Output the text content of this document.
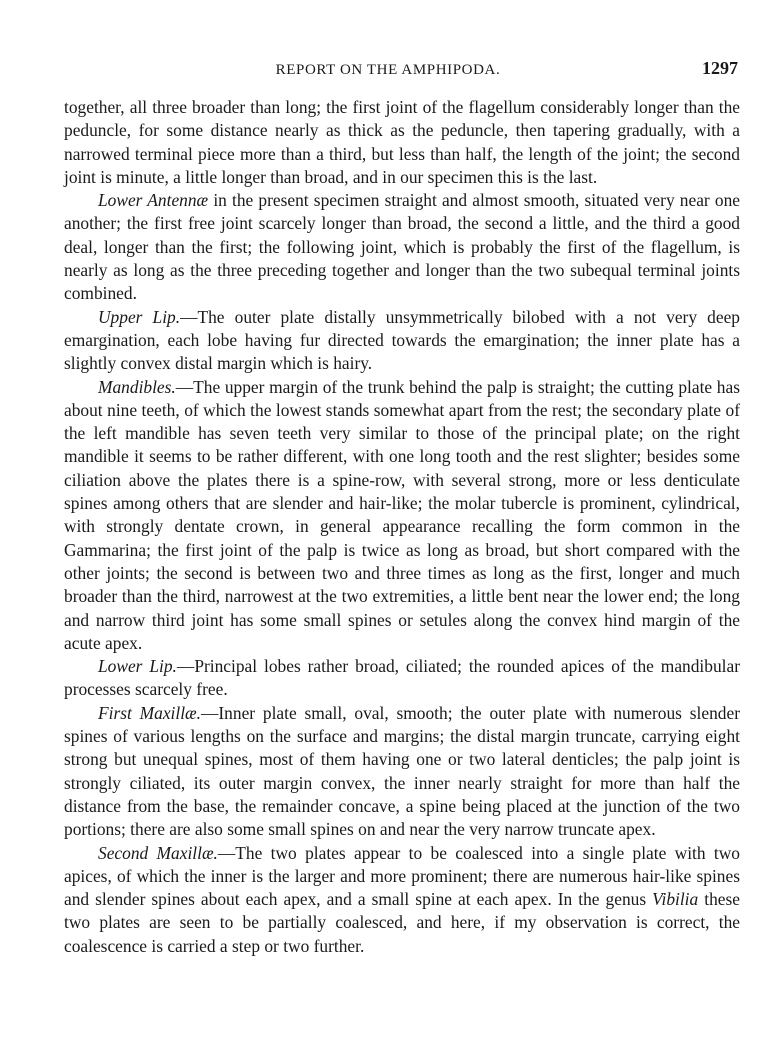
REPORT ON THE AMPHIPODA.	1297

together, all three broader than long; the first joint of the flagellum considerably longer than the peduncle, for some distance nearly as thick as the peduncle, then tapering gradually, with a narrowed terminal piece more than a third, but less than half, the length of the joint; the second joint is minute, a little longer than broad, and in our specimen this is the last.

Lower Antennæ in the present specimen straight and almost smooth, situated very near one another; the first free joint scarcely longer than broad, the second a little, and the third a good deal, longer than the first; the following joint, which is probably the first of the flagellum, is nearly as long as the three preceding together and longer than the two subequal terminal joints combined.

Upper Lip.—The outer plate distally unsymmetrically bilobed with a not very deep emargination, each lobe having fur directed towards the emargination; the inner plate has a slightly convex distal margin which is hairy.

Mandibles.—The upper margin of the trunk behind the palp is straight; the cutting plate has about nine teeth, of which the lowest stands somewhat apart from the rest; the secondary plate of the left mandible has seven teeth very similar to those of the principal plate; on the right mandible it seems to be rather different, with one long tooth and the rest slighter; besides some ciliation above the plates there is a spine-row, with several strong, more or less denticulate spines among others that are slender and hair-like; the molar tubercle is prominent, cylindrical, with strongly dentate crown, in general appearance recalling the form common in the Gammarina; the first joint of the palp is twice as long as broad, but short compared with the other joints; the second is between two and three times as long as the first, longer and much broader than the third, narrowest at the two extremities, a little bent near the lower end; the long and narrow third joint has some small spines or setules along the convex hind margin of the acute apex.

Lower Lip.—Principal lobes rather broad, ciliated; the rounded apices of the mandibular processes scarcely free.

First Maxillæ.—Inner plate small, oval, smooth; the outer plate with numerous slender spines of various lengths on the surface and margins; the distal margin truncate, carrying eight strong but unequal spines, most of them having one or two lateral denticles; the palp joint is strongly ciliated, its outer margin convex, the inner nearly straight for more than half the distance from the base, the remainder concave, a spine being placed at the junction of the two portions; there are also some small spines on and near the very narrow truncate apex.

Second Maxillæ.—The two plates appear to be coalesced into a single plate with two apices, of which the inner is the larger and more prominent; there are numerous hair-like spines and slender spines about each apex, and a small spine at each apex. In the genus Vibilia these two plates are seen to be partially coalesced, and here, if my observation is correct, the coalescence is carried a step or two further.
